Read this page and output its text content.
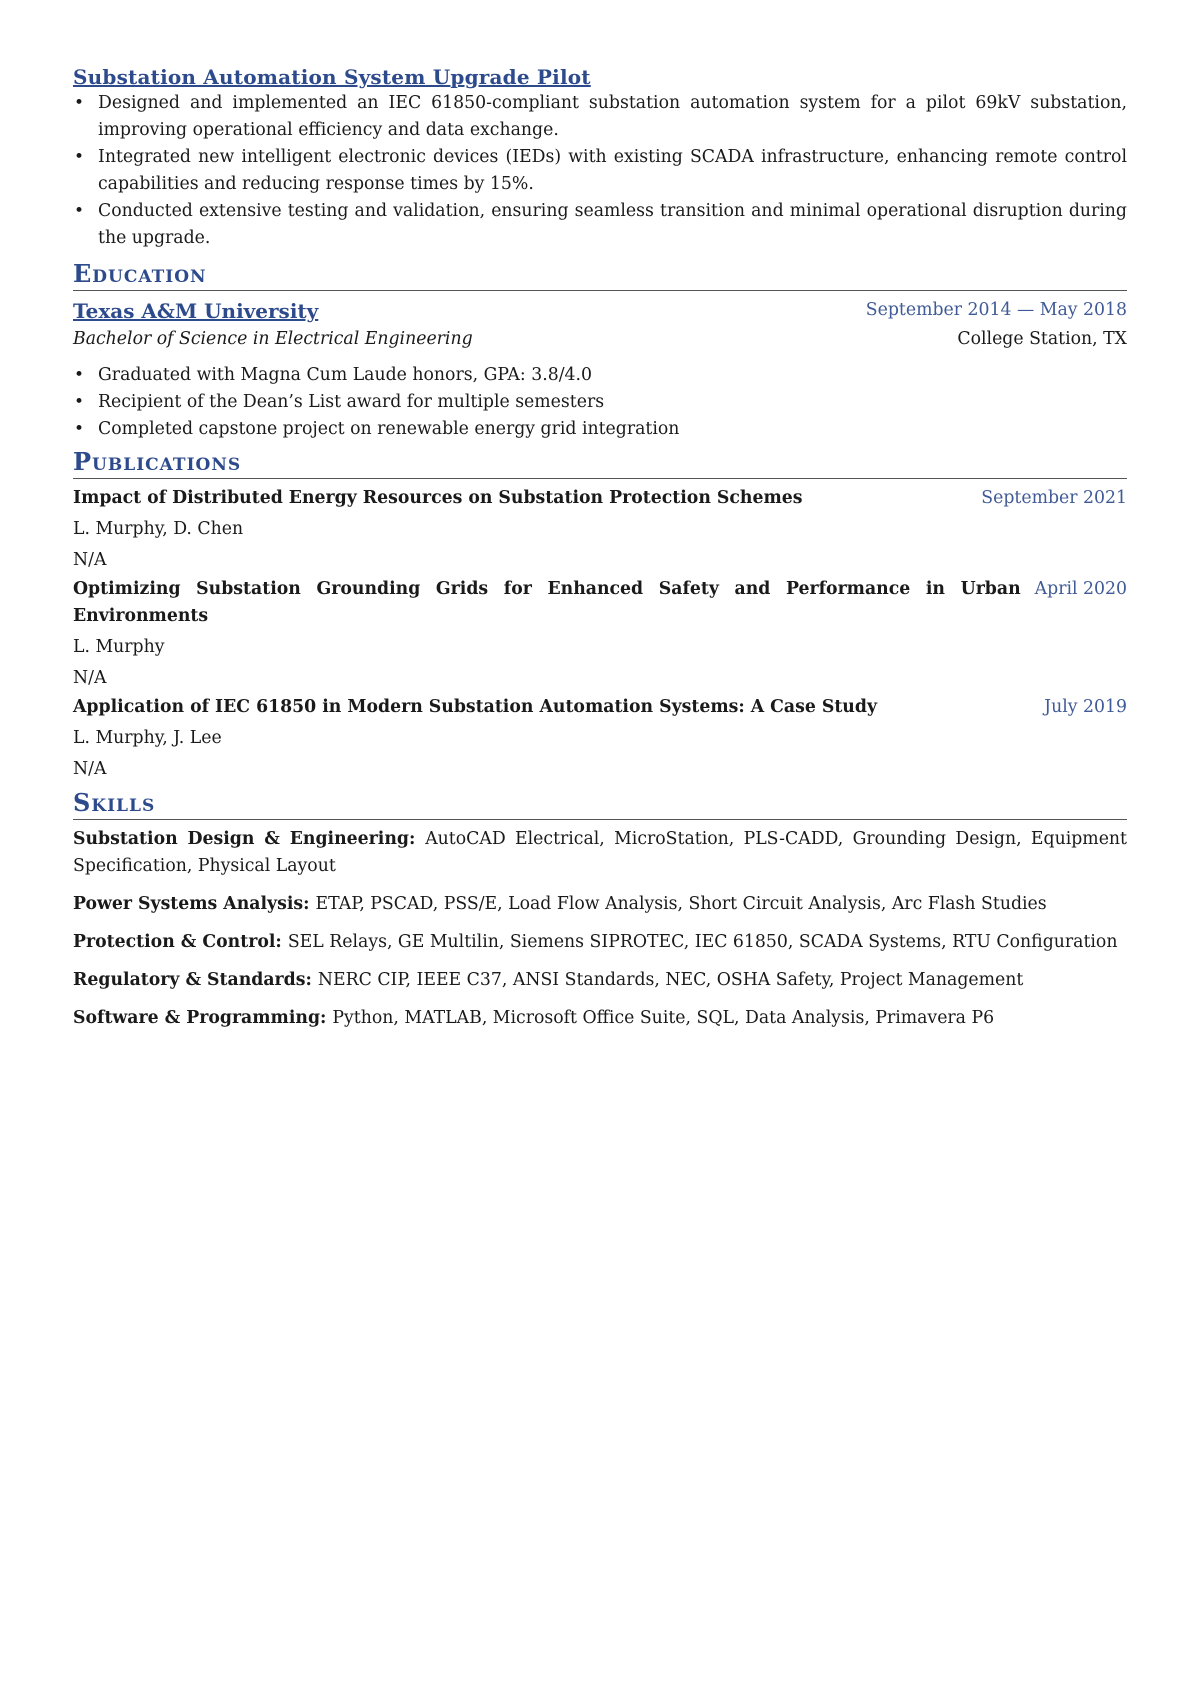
Substation Automation System Upgrade Pilot
• Designed and implemented an IEC 61850-compliant substation automation system for a pilot 69kV substation, improving operational efficiency and data exchange.
• Integrated new intelligent electronic devices (IEDs) with existing SCADA infrastructure, enhancing remote control capabilities and reducing response times by 15%.
• Conducted extensive testing and validation, ensuring seamless transition and minimal operational disruption during the upgrade.
Education
Texas A&M University	September 2014 — May 2018
Bachelor of Science in Electrical Engineering	College Station, TX
• Graduated with Magna Cum Laude honors, GPA: 3.8/4.0
• Recipient of the Dean’s List award for multiple semesters
• Completed capstone project on renewable energy grid integration
Publications
Impact of Distributed Energy Resources on Substation Protection Schemes	September 2021
L. Murphy, D. Chen
N/A
Optimizing Substation Grounding Grids for Enhanced Safety and Performance in Urban Environments
April 2020
L. Murphy
N/A
Application of IEC 61850 in Modern Substation Automation Systems: A Case Study	July 2019
L. Murphy, J. Lee
N/A
Skills
Substation Design & Engineering: AutoCAD Electrical, MicroStation, PLS-CADD, Grounding Design, Equipment Specification, Physical Layout
Power Systems Analysis: ETAP, PSCAD, PSS/E, Load Flow Analysis, Short Circuit Analysis, Arc Flash Studies
Protection & Control: SEL Relays, GE Multilin, Siemens SIPROTEC, IEC 61850, SCADA Systems, RTU Configuration
Regulatory & Standards: NERC CIP, IEEE C37, ANSI Standards, NEC, OSHA Safety, Project Management
Software & Programming: Python, MATLAB, Microsoft Office Suite, SQL, Data Analysis, Primavera P6
